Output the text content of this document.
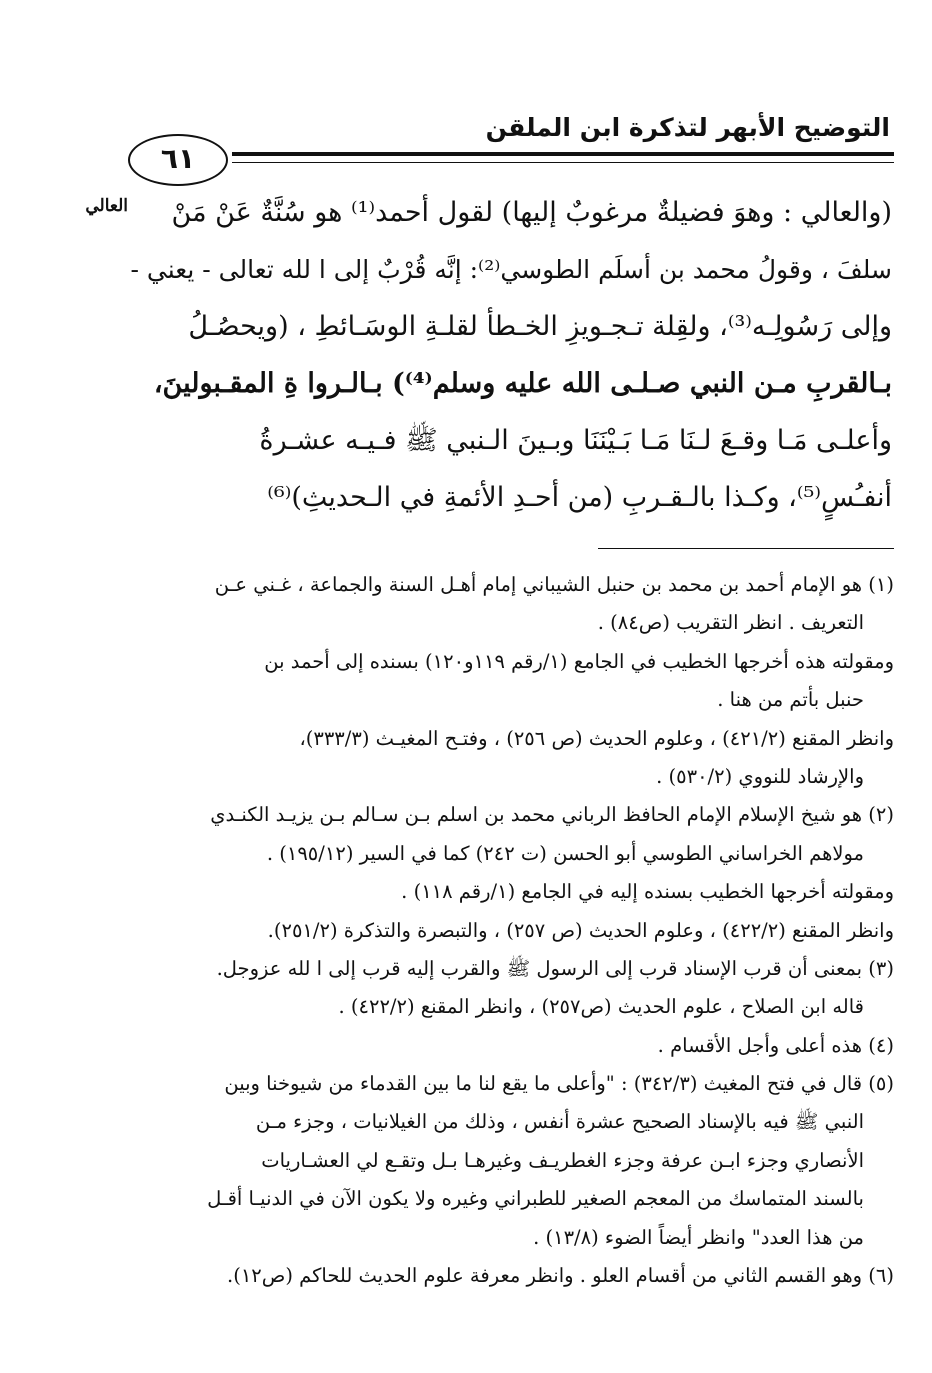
التوضيح الأبهر لتذكرة ابن الملقن
٦١
العالي	(والعالي : وهوَ فضيلةٌ مرغوبٌ إليها) لقول أحمد⁽¹⁾ هو سُنَّةٌ عَنْ مَنْ
سلفَ ، وقولُ محمد بن أسلَم الطوسي⁽²⁾: إنَّه قُرْبٌ إلى ا لله تعالى - يعني -
وإلى رَسُولِـه⁽³⁾، ولقِلة تـجـويزِ الخـطأ لقلـةِ الوسَـائطِ ، (ويحصُـلُ
بـالقربِ مـن النبي صـلـى الله عليه وسلم⁽⁴⁾) بـالـروا ةِ المقـبولينَ،
وأعلـى مَـا وقـعَ لـنَا مَـا بَـيْنَنَا وبـينَ الـنبي ﷺ فـيـه عشـرةُ
أنفـُسٍ⁽⁵⁾، وكـذا بالـقـربِ (من أحـدِ الأئمةِ في الـحديثِ)⁽⁶⁾
(١) هو الإمام أحمد بن محمد بن حنبل الشيباني إمام أهـل السنة والجماعة ، غـني عـن
التعريف . انظر التقريب (ص٨٤) .
ومقولته هذه أخرجها الخطيب في الجامع (١/رقم ١١٩و١٢٠) بسنده إلى أحمد بن
حنبل بأتم من هنا .
وانظر المقنع (٤٢١/٢) ، وعلوم الحديث (ص ٢٥٦) ، وفتـح المغيـث (٣٣٣/٣)،
والإرشاد للنووي (٥٣٠/٢) .
(٢) هو شيخ الإسلام الإمام الحافظ الرباني محمد بن اسلم بـن سـالم بـن يزيـد الكنـدي
مولاهم الخراساني الطوسي أبو الحسن (ت ٢٤٢) كما في السير (١٩٥/١٢) .
ومقولته أخرجها الخطيب بسنده إليه في الجامع (١/رقم ١١٨) .
وانظر المقنع (٤٢٢/٢) ، وعلوم الحديث (ص ٢٥٧) ، والتبصرة والتذكرة (٢٥١/٢).
(٣) بمعنى أن قرب الإسناد قرب إلى الرسول ﷺ والقرب إليه قرب إلى ا لله عزوجل.
قاله ابن الصلاح ، علوم الحديث (ص٢٥٧) ، وانظر المقنع (٤٢٢/٢) .
(٤) هذه أعلى وأجل الأقسام .
(٥) قال في فتح المغيث (٣٤٢/٣) : "وأعلى ما يقع لنا ما بين القدماء من شيوخنا وبين
النبي ﷺ فيه بالإسناد الصحيح عشرة أنفس ، وذلك من الغيلانيات ، وجزء مـن
الأنصاري وجزء ابـن عرفة وجزء الغطريـف وغيرهـا بـل وتقـع لي العشـاريات
بالسند المتماسك من المعجم الصغير للطبراني وغيره ولا يكون الآن في الدنيـا أقـل
من هذا العدد" وانظر أيضاً الضوء (١٣/٨) .
(٦) وهو القسم الثاني من أقسام العلو . وانظر معرفة علوم الحديث للحاكم (ص١٢).
